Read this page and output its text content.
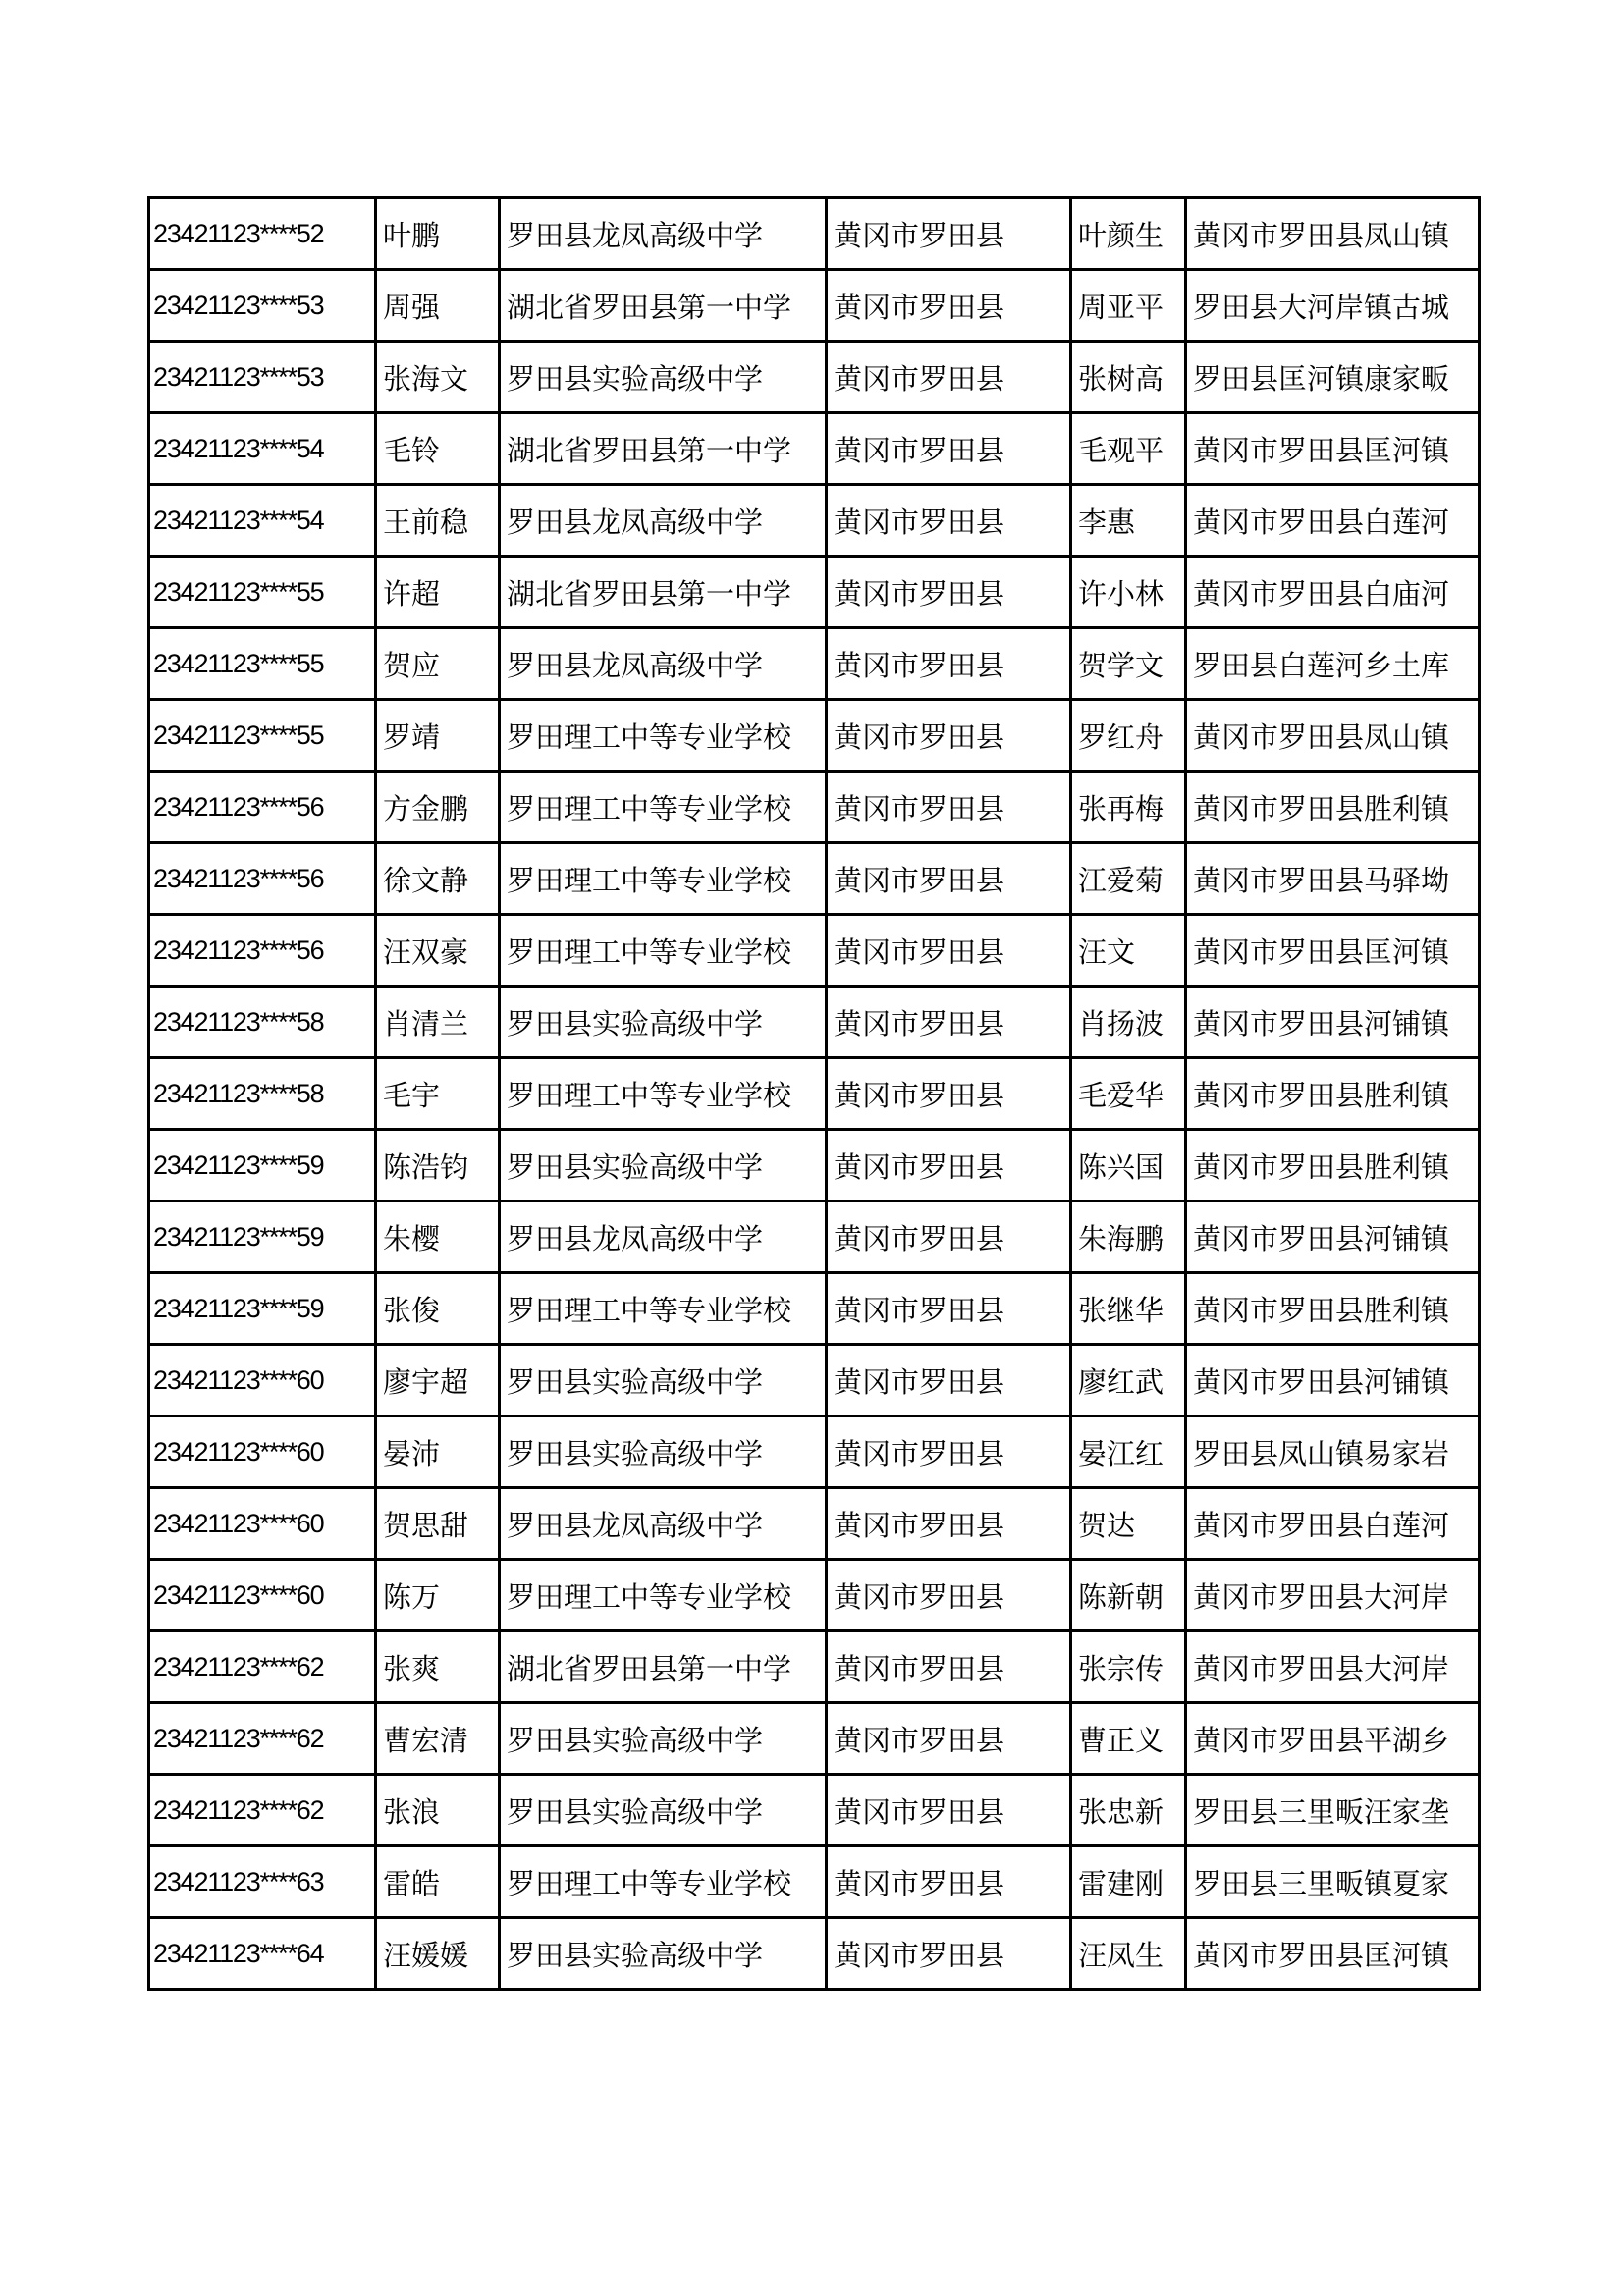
23421123****52	叶鹏	罗田县龙凤高级中学	黄冈市罗田县	叶颜生	黄冈市罗田县凤山镇
23421123****53	周强	湖北省罗田县第一中学	黄冈市罗田县	周亚平	罗田县大河岸镇古城
23421123****53	张海文	罗田县实验高级中学	黄冈市罗田县	张树高	罗田县匡河镇康家畈
23421123****54	毛铃	湖北省罗田县第一中学	黄冈市罗田县	毛观平	黄冈市罗田县匡河镇
23421123****54	王前稳	罗田县龙凤高级中学	黄冈市罗田县	李惠	黄冈市罗田县白莲河
23421123****55	许超	湖北省罗田县第一中学	黄冈市罗田县	许小林	黄冈市罗田县白庙河
23421123****55	贺应	罗田县龙凤高级中学	黄冈市罗田县	贺学文	罗田县白莲河乡土库
23421123****55	罗靖	罗田理工中等专业学校	黄冈市罗田县	罗红舟	黄冈市罗田县凤山镇
23421123****56	方金鹏	罗田理工中等专业学校	黄冈市罗田县	张再梅	黄冈市罗田县胜利镇
23421123****56	徐文静	罗田理工中等专业学校	黄冈市罗田县	江爱菊	黄冈市罗田县马驿坳
23421123****56	汪双豪	罗田理工中等专业学校	黄冈市罗田县	汪文	黄冈市罗田县匡河镇
23421123****58	肖清兰	罗田县实验高级中学	黄冈市罗田县	肖扬波	黄冈市罗田县河铺镇
23421123****58	毛宇	罗田理工中等专业学校	黄冈市罗田县	毛爱华	黄冈市罗田县胜利镇
23421123****59	陈浩钧	罗田县实验高级中学	黄冈市罗田县	陈兴国	黄冈市罗田县胜利镇
23421123****59	朱樱	罗田县龙凤高级中学	黄冈市罗田县	朱海鹏	黄冈市罗田县河铺镇
23421123****59	张俊	罗田理工中等专业学校	黄冈市罗田县	张继华	黄冈市罗田县胜利镇
23421123****60	廖宇超	罗田县实验高级中学	黄冈市罗田县	廖红武	黄冈市罗田县河铺镇
23421123****60	晏沛	罗田县实验高级中学	黄冈市罗田县	晏江红	罗田县凤山镇易家岩
23421123****60	贺思甜	罗田县龙凤高级中学	黄冈市罗田县	贺达	黄冈市罗田县白莲河
23421123****60	陈万	罗田理工中等专业学校	黄冈市罗田县	陈新朝	黄冈市罗田县大河岸
23421123****62	张爽	湖北省罗田县第一中学	黄冈市罗田县	张宗传	黄冈市罗田县大河岸
23421123****62	曹宏清	罗田县实验高级中学	黄冈市罗田县	曹正义	黄冈市罗田县平湖乡
23421123****62	张浪	罗田县实验高级中学	黄冈市罗田县	张忠新	罗田县三里畈汪家垄
23421123****63	雷皓	罗田理工中等专业学校	黄冈市罗田县	雷建刚	罗田县三里畈镇夏家
23421123****64	汪媛媛	罗田县实验高级中学	黄冈市罗田县	汪凤生	黄冈市罗田县匡河镇
